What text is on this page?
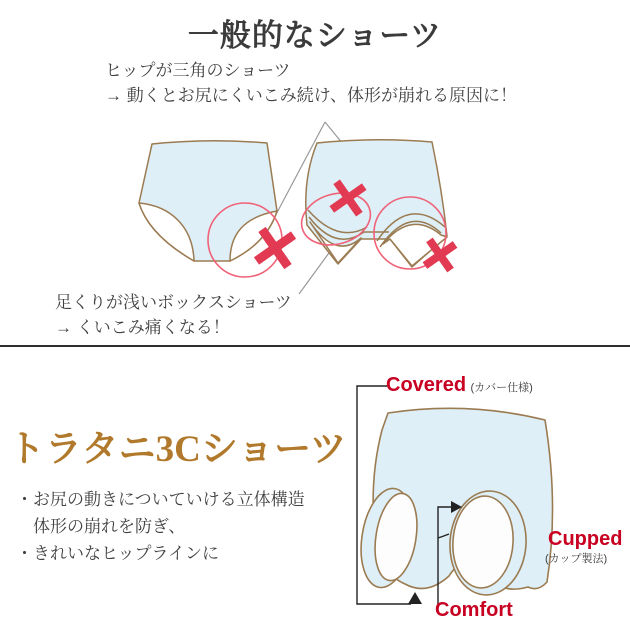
一般的なショーツ
ヒップが三角のショーツ
→ 動くとお尻にくいこみ続け、体形が崩れる原因に！
足くりが浅いボックスショーツ
→ くいこみ痛くなる！
トラタニ3Cショーツ
・お尻の動きについていける立体構造
体形の崩れを防ぎ、
・きれいなヒップラインに
Covered (カバー仕様)
Cupped
(カップ製法)
Comfort
